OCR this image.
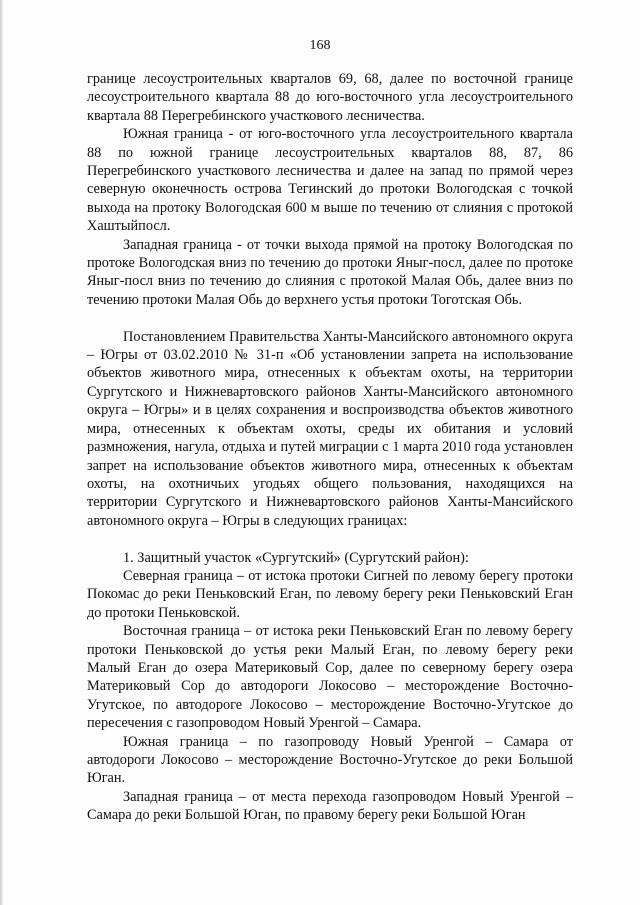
168

границе лесоустроительных кварталов 69, 68, далее по восточной границе лесоустроительного квартала 88 до юго-восточного угла лесоустроительного квартала 88 Перегребинского участкового лесничества.

Южная граница - от юго-восточного угла лесоустроительного квартала 88 по южной границе лесоустроительных кварталов 88, 87, 86 Перегребинского участкового лесничества и далее на запад по прямой через северную оконечность острова Тегинский до протоки Вологодская с точкой выхода на протоку Вологодская 600 м выше по течению от слияния с протокой Хаштыйпосл.

Западная граница - от точки выхода прямой на протоку Вологодская по протоке Вологодская вниз по течению до протоки Яныг-посл, далее по протоке Яныг-посл вниз по течению до слияния с протокой Малая Обь, далее вниз по течению протоки Малая Обь до верхнего устья протоки Тоготская Обь.

Постановлением Правительства Ханты-Мансийского автономного округа – Югры от 03.02.2010 № 31-п «Об установлении запрета на использование объектов животного мира, отнесенных к объектам охоты, на территории Сургутского и Нижневартовского районов Ханты-Мансийского автономного округа – Югры» и в целях сохранения и воспроизводства объектов животного мира, отнесенных к объектам охоты, среды их обитания и условий размножения, нагула, отдыха и путей миграции с 1 марта 2010 года установлен запрет на использование объектов животного мира, отнесенных к объектам охоты, на охотничьих угодьях общего пользования, находящихся на территории Сургутского и Нижневартовского районов Ханты-Мансийского автономного округа – Югры в следующих границах:

1. Защитный участок «Сургутский» (Сургутский район):

Северная граница – от истока протоки Сигней по левому берегу протоки Покомас до реки Пеньковский Еган, по левому берегу реки Пеньковский Еган до протоки Пеньковской.

Восточная граница – от истока реки Пеньковский Еган по левому берегу протоки Пеньковской до устья реки Малый Еган, по левому берегу реки Малый Еган до озера Материковый Сор, далее по северному берегу озера Материковый Сор до автодороги Локосово – месторождение Восточно-Угутское, по автодороге Локосово – месторождение Восточно-Угутское до пересечения с газопроводом Новый Уренгой – Самара.

Южная граница – по газопроводу Новый Уренгой – Самара от автодороги Локосово – месторождение Восточно-Угутское до реки Большой Юган.

Западная граница – от места перехода газопроводом Новый Уренгой – Самара до реки Большой Юган, по правому берегу реки Большой Юган
